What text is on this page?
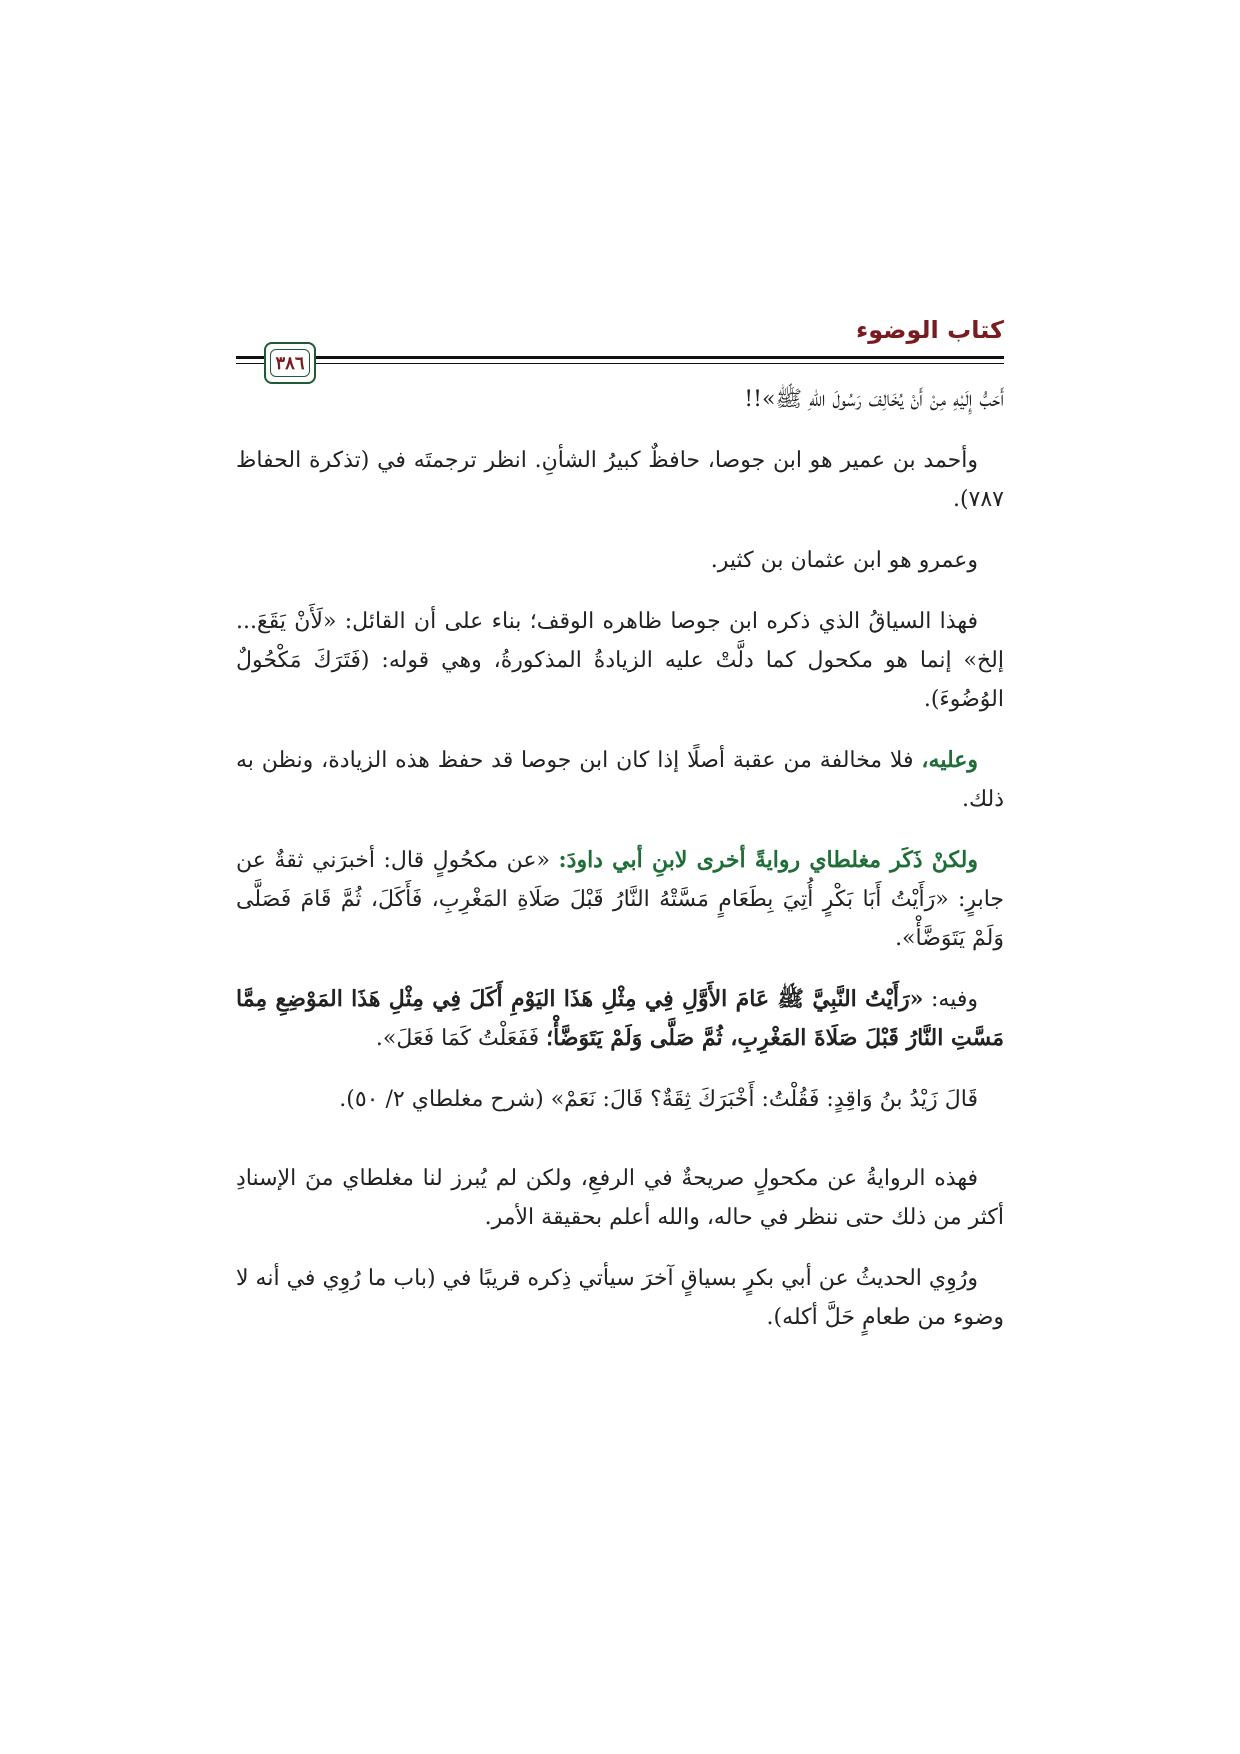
كتاب الوضوء
٣٨٦

أَحَبُّ إِلَيْهِ مِنْ أَنْ يُخَالِفَ رَسُولَ اللهِ ﷺ»!!

وأحمد بن عمير هو ابن جوصا، حافظٌ كبيرُ الشأنِ. انظر ترجمتَه في (تذكرة الحفاظ ٧٨٧).

وعمرو هو ابن عثمان بن كثير.

فهذا السياقُ الذي ذكره ابن جوصا ظاهره الوقف؛ بناء على أن القائل: «لَأَنْ يَقَعَ... إلخ» إنما هو مكحول كما دلَّتْ عليه الزيادةُ المذكورةُ، وهي قوله: (فَتَرَكَ مَكْحُولٌ الوُضُوءَ).

وعليه، فلا مخالفة من عقبة أصلًا إذا كان ابن جوصا قد حفظ هذه الزيادة، ونظن به ذلك.

ولكنْ ذَكَر مغلطاي روايةً أخرى لابنِ أبي داودَ: «عن مكحُولٍ قال: أخبرَني ثقةٌ عن جابرٍ: «رَأَيْتُ أَبَا بَكْرٍ أُتِيَ بِطَعَامٍ مَسَّتْهُ النَّارُ قَبْلَ صَلَاةِ المَغْرِبِ، فَأَكَلَ، ثُمَّ قَامَ فَصَلَّى وَلَمْ يَتَوَضَّأْ».

وفيه: «رَأَيْتُ النَّبِيَّ ﷺ عَامَ الأَوَّلِ فِي مِثْلِ هَذَا اليَوْمِ أَكَلَ فِي مِثْلِ هَذَا المَوْضِعِ مِمَّا مَسَّتِ النَّارُ قَبْلَ صَلَاةَ المَغْرِبِ، ثُمَّ صَلَّى وَلَمْ يَتَوَضَّأْ؛ فَفَعَلْتُ كَمَا فَعَلَ».

قَالَ زَيْدُ بنُ وَاقِدٍ: فَقُلْتُ: أَخْبَرَكَ ثِقَةٌ؟ قَالَ: نَعَمْ» (شرح مغلطاي ٢/ ٥٠).

فهذه الروايةُ عن مكحولٍ صريحةٌ في الرفعِ، ولكن لم يُبرز لنا مغلطاي منَ الإسنادِ أكثر من ذلك حتى ننظر في حاله، والله أعلم بحقيقة الأمر.

ورُوِي الحديثُ عن أبي بكرٍ بسياقٍ آخرَ سيأتي ذِكره قريبًا في (باب ما رُوِي في أنه لا وضوء من طعامٍ حَلَّ أكله).
